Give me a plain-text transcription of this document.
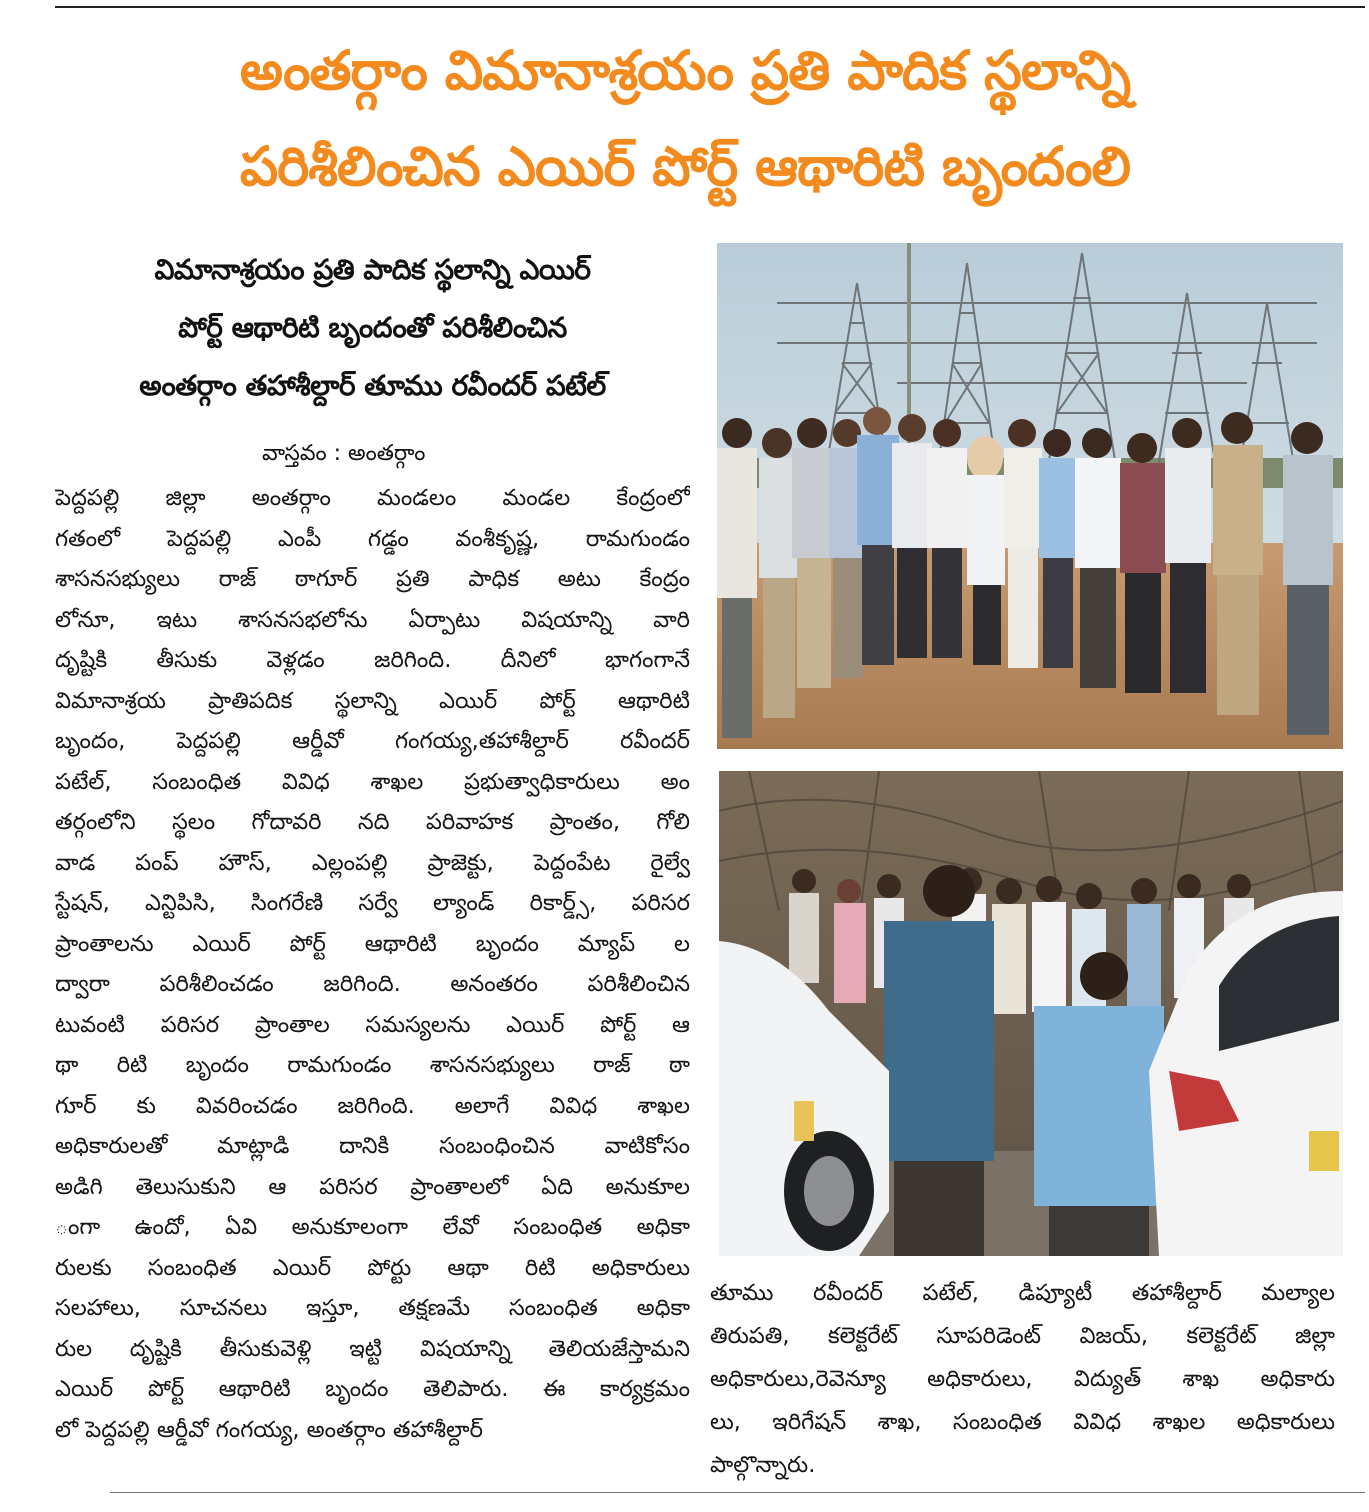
అంతర్గాం విమానాశ్రయం ప్రతి పాదిక స్థలాన్ని
పరిశీలించిన ఎయిర్ పోర్ట్ ఆథారిటి బృందంలి
విమానాశ్రయం ప్రతి పాదిక స్థలాన్ని ఎయిర్
పోర్ట్ ఆథారిటి బృందంతో పరిశీలించిన
అంతర్గాం తహాశీల్దార్ తూము రవీందర్ పటేల్
వాస్తవం : అంతర్గాం
పెద్దపల్లి జిల్లా అంతర్గాం మండలం మండల కేంద్రంలో
గతంలో పెద్దపల్లి ఎంపీ గడ్డం వంశీకృష్ణ, రామగుండం
శాసనసభ్యులు రాజ్ ఠాగూర్ ప్రతి పాధిక అటు కేంద్రం
లోనూ, ఇటు శాసనసభలోను ఏర్పాటు విషయాన్ని వారి
దృష్టికి తీసుకు వెళ్లడం జరిగింది. దీనిలో భాగంగానే
విమానాశ్రయ ప్రాతిపదిక స్థలాన్ని ఎయిర్ పోర్ట్ ఆథారిటి
బృందం, పెద్దపల్లి ఆర్డీవో గంగయ్య,తహాశీల్దార్ రవీందర్
పటేల్, సంబంధిత వివిధ శాఖల ప్రభుత్వాధికారులు అం
తర్గంలోని స్థలం గోదావరి నది పరివాహక ప్రాంతం, గోలి
వాడ పంప్ హౌస్, ఎల్లంపల్లి ప్రాజెక్టు, పెద్దంపేట రైల్వే
స్టేషన్, ఎన్టిపిసి, సింగరేణి సర్వే ల్యాండ్ రికార్డ్స్, పరిసర
ప్రాంతాలను ఎయిర్ పోర్ట్ ఆథారిటి బృందం మ్యాప్ ల
ద్వారా పరిశీలించడం జరిగింది. అనంతరం పరిశీలించిన
టువంటి పరిసర ప్రాంతాల సమస్యలను ఎయిర్ పోర్ట్ ఆ
థా రిటి బృందం రామగుండం శాసనసభ్యులు రాజ్ ఠా
గూర్ కు వివరించడం జరిగింది. అలాగే వివిధ శాఖల
అధికారులతో మాట్లాడి దానికి సంబంధించిన వాటికోసం
అడిగి తెలుసుకుని ఆ పరిసర ప్రాంతాలలో ఏది అనుకూల
ంగా ఉందో, ఏవి అనుకూలంగా లేవో సంబంధిత అధికా
రులకు సంబంధిత ఎయిర్ పోర్టు ఆథా రిటి అధికారులు
సలహాలు, సూచనలు ఇస్తూ, తక్షణమే సంబంధిత అధికా
రుల దృష్టికి తీసుకువెళ్లి ఇట్టి విషయాన్ని తెలియజేస్తామని
ఎయిర్ పోర్ట్ ఆథారిటి బృందం తెలిపారు. ఈ కార్యక్రమం
లో పెద్దపల్లి ఆర్డీవో గంగయ్య, అంతర్గాం తహాశీల్దార్
తూము రవీందర్ పటేల్, డిప్యూటీ తహాశీల్దార్ మల్యాల
తిరుపతి, కలెక్టరేట్ సూపరిడెంట్ విజయ్, కలెక్టరేట్ జిల్లా
అధికారులు,రెవెన్యూ అధికారులు, విద్యుత్ శాఖ అధికారు
లు, ఇరిగేషన్ శాఖ, సంబంధిత వివిధ శాఖల అధికారులు
పాల్గొన్నారు.
